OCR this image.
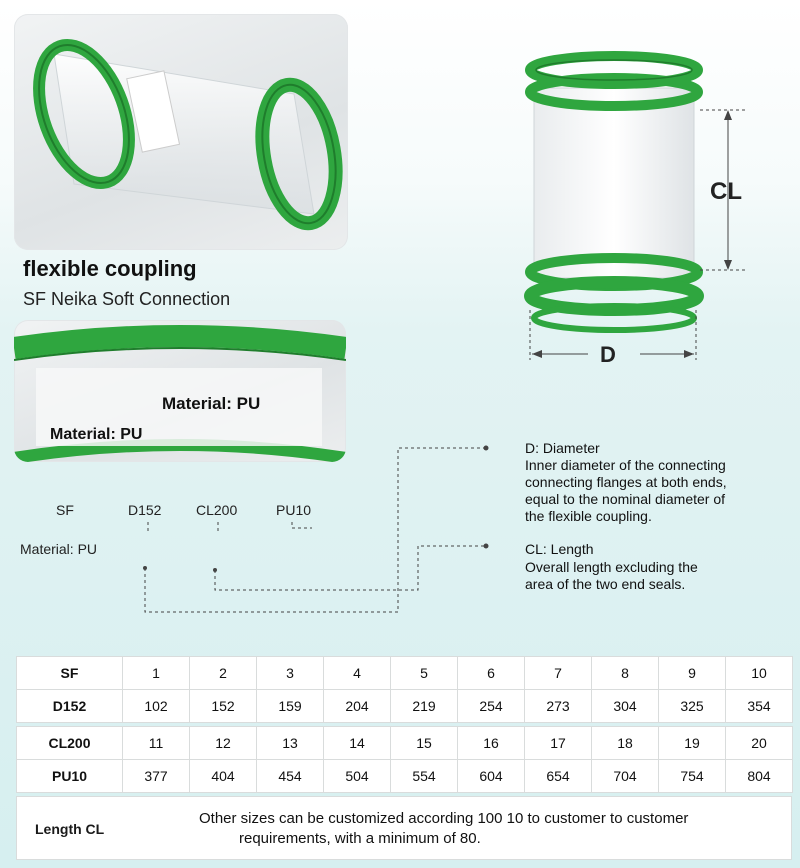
flexible coupling
SF Neika Soft Connection
Material: PU
Material: PU
CL
D
SF	D152 CL200	PU10
Material: PU
D: Diameter
Inner diameter of the connecting
connecting flanges at both ends,
equal to the nominal diameter of
the flexible coupling.
CL: Length
Overall length excluding the
area of the two end seals.
SF	1	2	3	4	5	6	7	8	9	10
D152	102	152	159	204	219	254	273	304	325	354
CL200	11	12	13	14	15	16	17	18	19	20
PU10	377	404	454	504	554	604	654	704	754	804
Length CL
Other sizes can be customized according 100 10 to customer to customer
requirements, with a minimum of 80.
